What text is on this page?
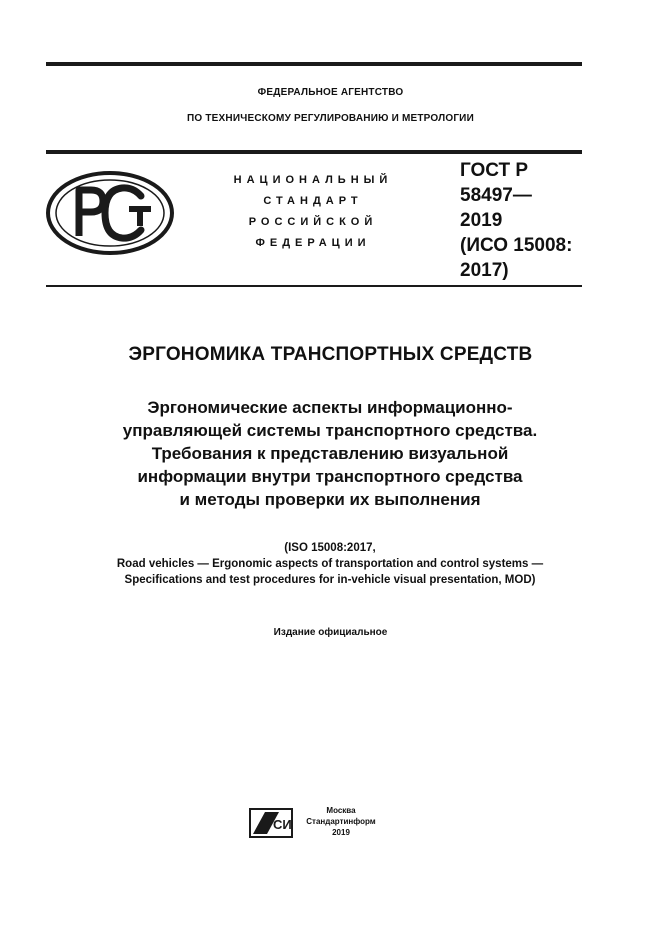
ФЕДЕРАЛЬНОЕ АГЕНТСТВО
ПО ТЕХНИЧЕСКОМУ РЕГУЛИРОВАНИЮ И МЕТРОЛОГИИ
НАЦИОНАЛЬНЫЙ
СТАНДАРТ
РОССИЙСКОЙ
ФЕДЕРАЦИИ
ГОСТ Р
58497—
2019
(ИСО 15008:
2017)
ЭРГОНОМИКА ТРАНСПОРТНЫХ СРЕДСТВ
Эргономические аспекты информационно-
управляющей системы транспортного средства.
Требования к представлению визуальной
информации внутри транспортного средства
и методы проверки их выполнения
(ISO 15008:2017,
Road vehicles — Ergonomic aspects of transportation and control systems —
Specifications and test procedures for in-vehicle visual presentation, MOD)
Издание официальное
СИ
Москва
Стандартинформ
2019
